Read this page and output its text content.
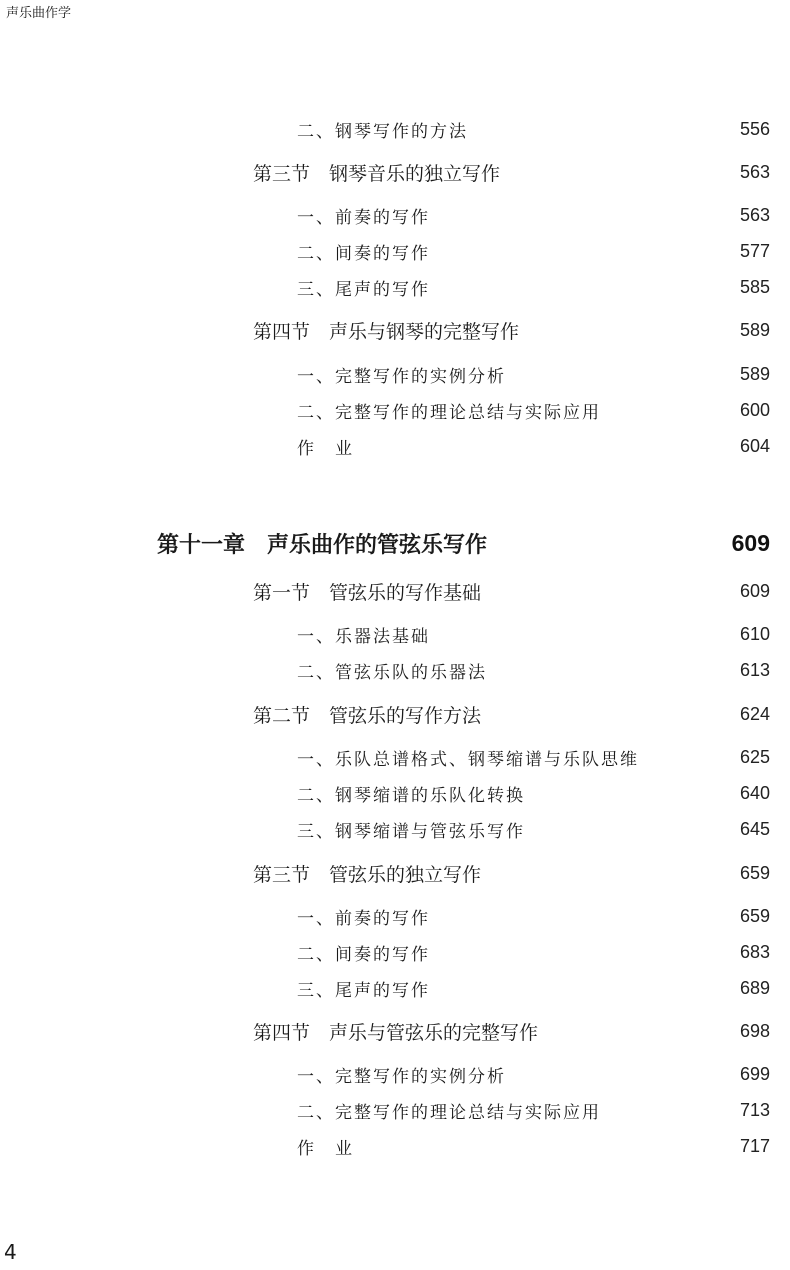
声乐曲作学
二、钢琴写作的方法	556
第三节　钢琴音乐的独立写作	563
一、前奏的写作	563
二、间奏的写作	577
三、尾声的写作	585
第四节　声乐与钢琴的完整写作	589
一、完整写作的实例分析	589
二、完整写作的理论总结与实际应用	600
作　业	604
第十一章　声乐曲作的管弦乐写作	609
第一节　管弦乐的写作基础	609
一、乐器法基础	610
二、管弦乐队的乐器法	613
第二节　管弦乐的写作方法	624
一、乐队总谱格式、钢琴缩谱与乐队思维	625
二、钢琴缩谱的乐队化转换	640
三、钢琴缩谱与管弦乐写作	645
第三节　管弦乐的独立写作	659
一、前奏的写作	659
二、间奏的写作	683
三、尾声的写作	689
第四节　声乐与管弦乐的完整写作	698
一、完整写作的实例分析	699
二、完整写作的理论总结与实际应用	713
作　业	717
4
